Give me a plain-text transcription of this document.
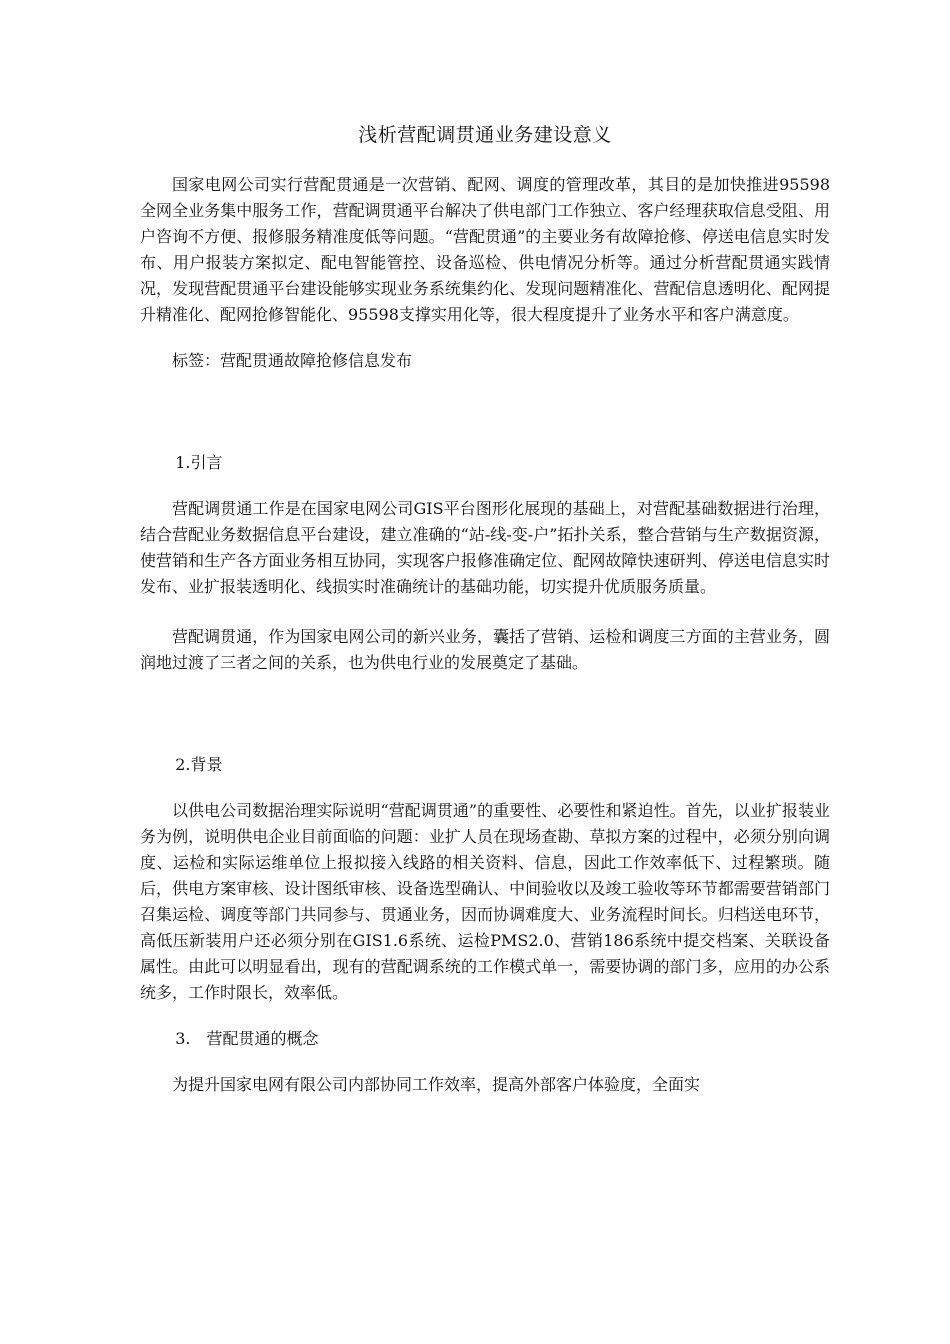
浅析营配调贯通业务建设意义

国家电网公司实行营配贯通是一次营销、配网、调度的管理改革，其目的是加快推进95598全网全业务集中服务工作，营配调贯通平台解决了供电部门工作独立、客户经理获取信息受阻、用户咨询不方便、报修服务精准度低等问题。“营配贯通”的主要业务有故障抢修、停送电信息实时发布、用户报装方案拟定、配电智能管控、设备巡检、供电情况分析等。通过分析营配贯通实践情况，发现营配贯通平台建设能够实现业务系统集约化、发现问题精准化、营配信息透明化、配网提升精准化、配网抢修智能化、95598支撑实用化等，很大程度提升了业务水平和客户满意度。

标签：营配贯通故障抢修信息发布

1.引言

营配调贯通工作是在国家电网公司GIS平台图形化展现的基础上，对营配基础数据进行治理，结合营配业务数据信息平台建设，建立准确的“站-线-变-户”拓扑关系，整合营销与生产数据资源，使营销和生产各方面业务相互协同，实现客户报修准确定位、配网故障快速研判、停送电信息实时发布、业扩报装透明化、线损实时准确统计的基础功能，切实提升优质服务质量。

营配调贯通，作为国家电网公司的新兴业务，囊括了营销、运检和调度三方面的主营业务，圆润地过渡了三者之间的关系，也为供电行业的发展奠定了基础。

2.背景

以供电公司数据治理实际说明“营配调贯通”的重要性、必要性和紧迫性。首先，以业扩报装业务为例，说明供电企业目前面临的问题：业扩人员在现场查勘、草拟方案的过程中，必须分别向调度、运检和实际运维单位上报拟接入线路的相关资料、信息，因此工作效率低下、过程繁琐。随后，供电方案审核、设计图纸审核、设备选型确认、中间验收以及竣工验收等环节都需要营销部门召集运检、调度等部门共同参与、贯通业务，因而协调难度大、业务流程时间长。归档送电环节，高低压新装用户还必须分别在GIS1.6系统、运检PMS2.0、营销186系统中提交档案、关联设备属性。由此可以明显看出，现有的营配调系统的工作模式单一，需要协调的部门多，应用的办公系统多，工作时限长，效率低。

3.　营配贯通的概念

为提升国家电网有限公司内部协同工作效率，提高外部客户体验度，全面实
